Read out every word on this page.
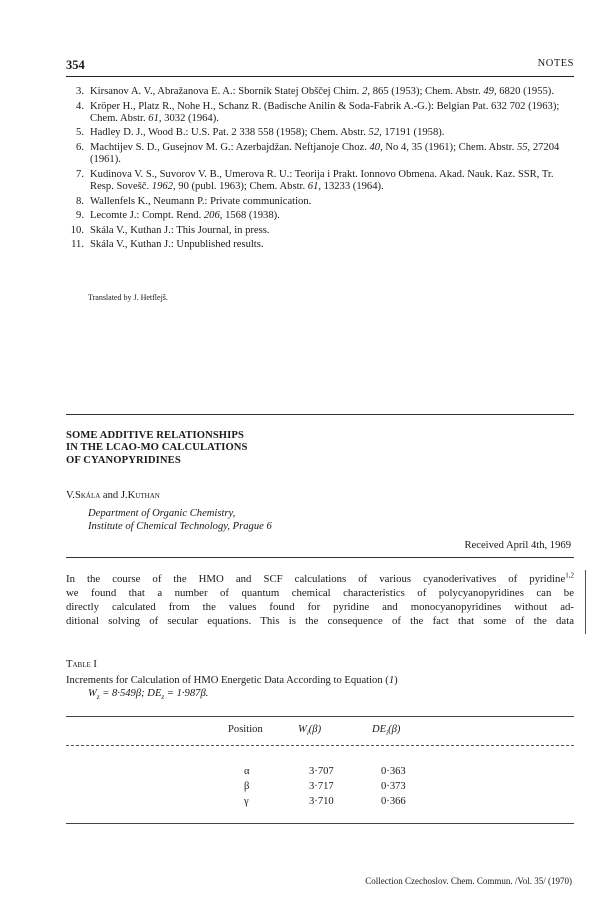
354	NOTES
3. Kirsanov A. V., Abražanova E. A.: Sbornik Statej Obščej Chim. 2, 865 (1953); Chem. Abstr. 49, 6820 (1955).
4. Kröper H., Platz R., Nohe H., Schanz R. (Badische Anilin & Soda-Fabrik A.-G.): Belgian Pat. 632 702 (1963); Chem. Abstr. 61, 3032 (1964).
5. Hadley D. J., Wood B.: U.S. Pat. 2 338 558 (1958); Chem. Abstr. 52, 17191 (1958).
6. Machtijev S. D., Gusejnov M. G.: Azerbajdžan. Neftjanoje Choz. 40, No 4, 35 (1961); Chem. Abstr. 55, 27204 (1961).
7. Kudinova V. S., Suvorov V. B., Umerova R. U.: Teorija i Prakt. Ionnovo Obmena. Akad. Nauk. Kaz. SSR, Tr. Resp. Sovešč. 1962, 90 (publ. 1963); Chem. Abstr. 61, 13233 (1964).
8. Wallenfels K., Neumann P.: Private communication.
9. Lecomte J.: Compt. Rend. 206, 1568 (1938).
10. Skála V., Kuthan J.: This Journal, in press.
11. Skála V., Kuthan J.: Unpublished results.
Translated by J. Hetflejš.
SOME ADDITIVE RELATIONSHIPS
IN THE LCAO-MO CALCULATIONS
OF CYANOPYRIDINES
V.Skála and J.Kuthan
Department of Organic Chemistry,
Institute of Chemical Technology, Prague 6
Received April 4th, 1969
In the course of the HMO and SCF calculations of various cyanoderivatives of pyridine$^{1,2}$
we found that a number of quantum chemical characteristics of polycyanopyridines can be
directly calculated from the values found for pyridine and monocyanopyridines without ad-
ditional solving of secular equations. This is the consequence of the fact that some of the data
Table I
Increments for Calculation of HMO Energetic Data According to Equation (1)
$W_z = 8\cdot 549\beta$; $DE_z = 1\cdot 987\beta$.
Position	$W_i(\beta)$	$DE_i(\beta)$
α	3·707	0·363
β	3·717	0·373
γ	3·710	0·366
Collection Czechoslov. Chem. Commun. /Vol. 35/ (1970)
